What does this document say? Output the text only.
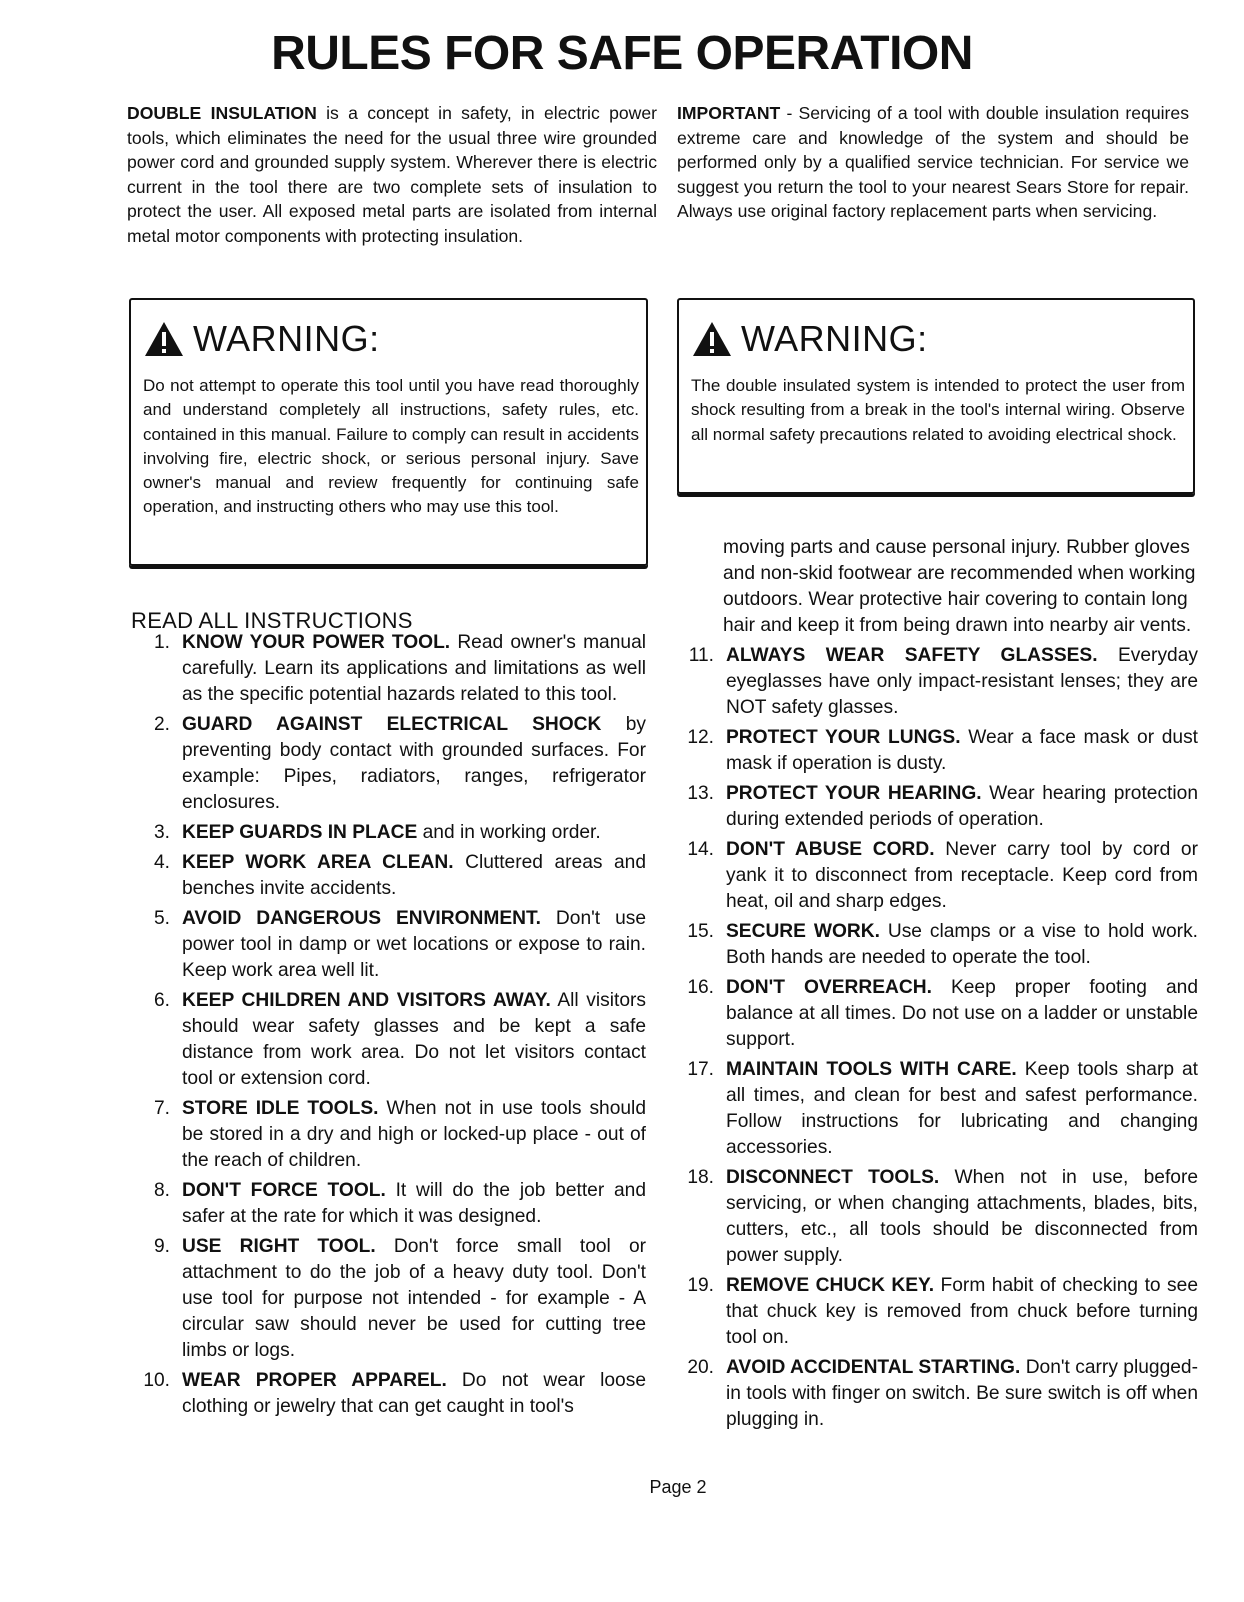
RULES FOR SAFE OPERATION

DOUBLE INSULATION is a concept in safety, in electric power tools, which eliminates the need for the usual three wire grounded power cord and grounded supply system. Wherever there is electric current in the tool there are two complete sets of insulation to protect the user. All exposed metal parts are isolated from internal metal motor components with protecting insulation.

IMPORTANT - Servicing of a tool with double insulation requires extreme care and knowledge of the system and should be performed only by a qualified service technician. For service we suggest you return the tool to your nearest Sears Store for repair. Always use original factory replacement parts when servicing.

WARNING:

Do not attempt to operate this tool until you have read thoroughly and understand completely all instructions, safety rules, etc. contained in this manual. Failure to comply can result in accidents involving fire, electric shock, or serious personal injury. Save owner's manual and review frequently for continuing safe operation, and instructing others who may use this tool.

WARNING:

The double insulated system is intended to protect the user from shock resulting from a break in the tool's internal wiring. Observe all normal safety precautions related to avoiding electrical shock.

READ ALL INSTRUCTIONS
1. KNOW YOUR POWER TOOL. Read owner's manual carefully. Learn its applications and limitations as well as the specific potential hazards related to this tool.
2. GUARD AGAINST ELECTRICAL SHOCK by preventing body contact with grounded surfaces. For example: Pipes, radiators, ranges, refrigerator enclosures.
3. KEEP GUARDS IN PLACE and in working order.
4. KEEP WORK AREA CLEAN. Cluttered areas and benches invite accidents.
5. AVOID DANGEROUS ENVIRONMENT. Don't use power tool in damp or wet locations or expose to rain. Keep work area well lit.
6. KEEP CHILDREN AND VISITORS AWAY. All visitors should wear safety glasses and be kept a safe distance from work area. Do not let visitors contact tool or extension cord.
7. STORE IDLE TOOLS. When not in use tools should be stored in a dry and high or locked-up place - out of the reach of children.
8. DON'T FORCE TOOL. It will do the job better and safer at the rate for which it was designed.
9. USE RIGHT TOOL. Don't force small tool or attachment to do the job of a heavy duty tool. Don't use tool for purpose not intended - for example - A circular saw should never be used for cutting tree limbs or logs.
10. WEAR PROPER APPAREL. Do not wear loose clothing or jewelry that can get caught in tool's

moving parts and cause personal injury. Rubber gloves and non-skid footwear are recommended when working outdoors. Wear protective hair covering to contain long hair and keep it from being drawn into nearby air vents.

11. ALWAYS WEAR SAFETY GLASSES. Everyday eyeglasses have only impact-resistant lenses; they are NOT safety glasses.
12. PROTECT YOUR LUNGS. Wear a face mask or dust mask if operation is dusty.
13. PROTECT YOUR HEARING. Wear hearing protection during extended periods of operation.
14. DON'T ABUSE CORD. Never carry tool by cord or yank it to disconnect from receptacle. Keep cord from heat, oil and sharp edges.
15. SECURE WORK. Use clamps or a vise to hold work. Both hands are needed to operate the tool.
16. DON'T OVERREACH. Keep proper footing and balance at all times. Do not use on a ladder or unstable support.
17. MAINTAIN TOOLS WITH CARE. Keep tools sharp at all times, and clean for best and safest performance. Follow instructions for lubricating and changing accessories.
18. DISCONNECT TOOLS. When not in use, before servicing, or when changing attachments, blades, bits, cutters, etc., all tools should be disconnected from power supply.
19. REMOVE CHUCK KEY. Form habit of checking to see that chuck key is removed from chuck before turning tool on.
20. AVOID ACCIDENTAL STARTING. Don't carry plugged-in tools with finger on switch. Be sure switch is off when plugging in.
Page 2
